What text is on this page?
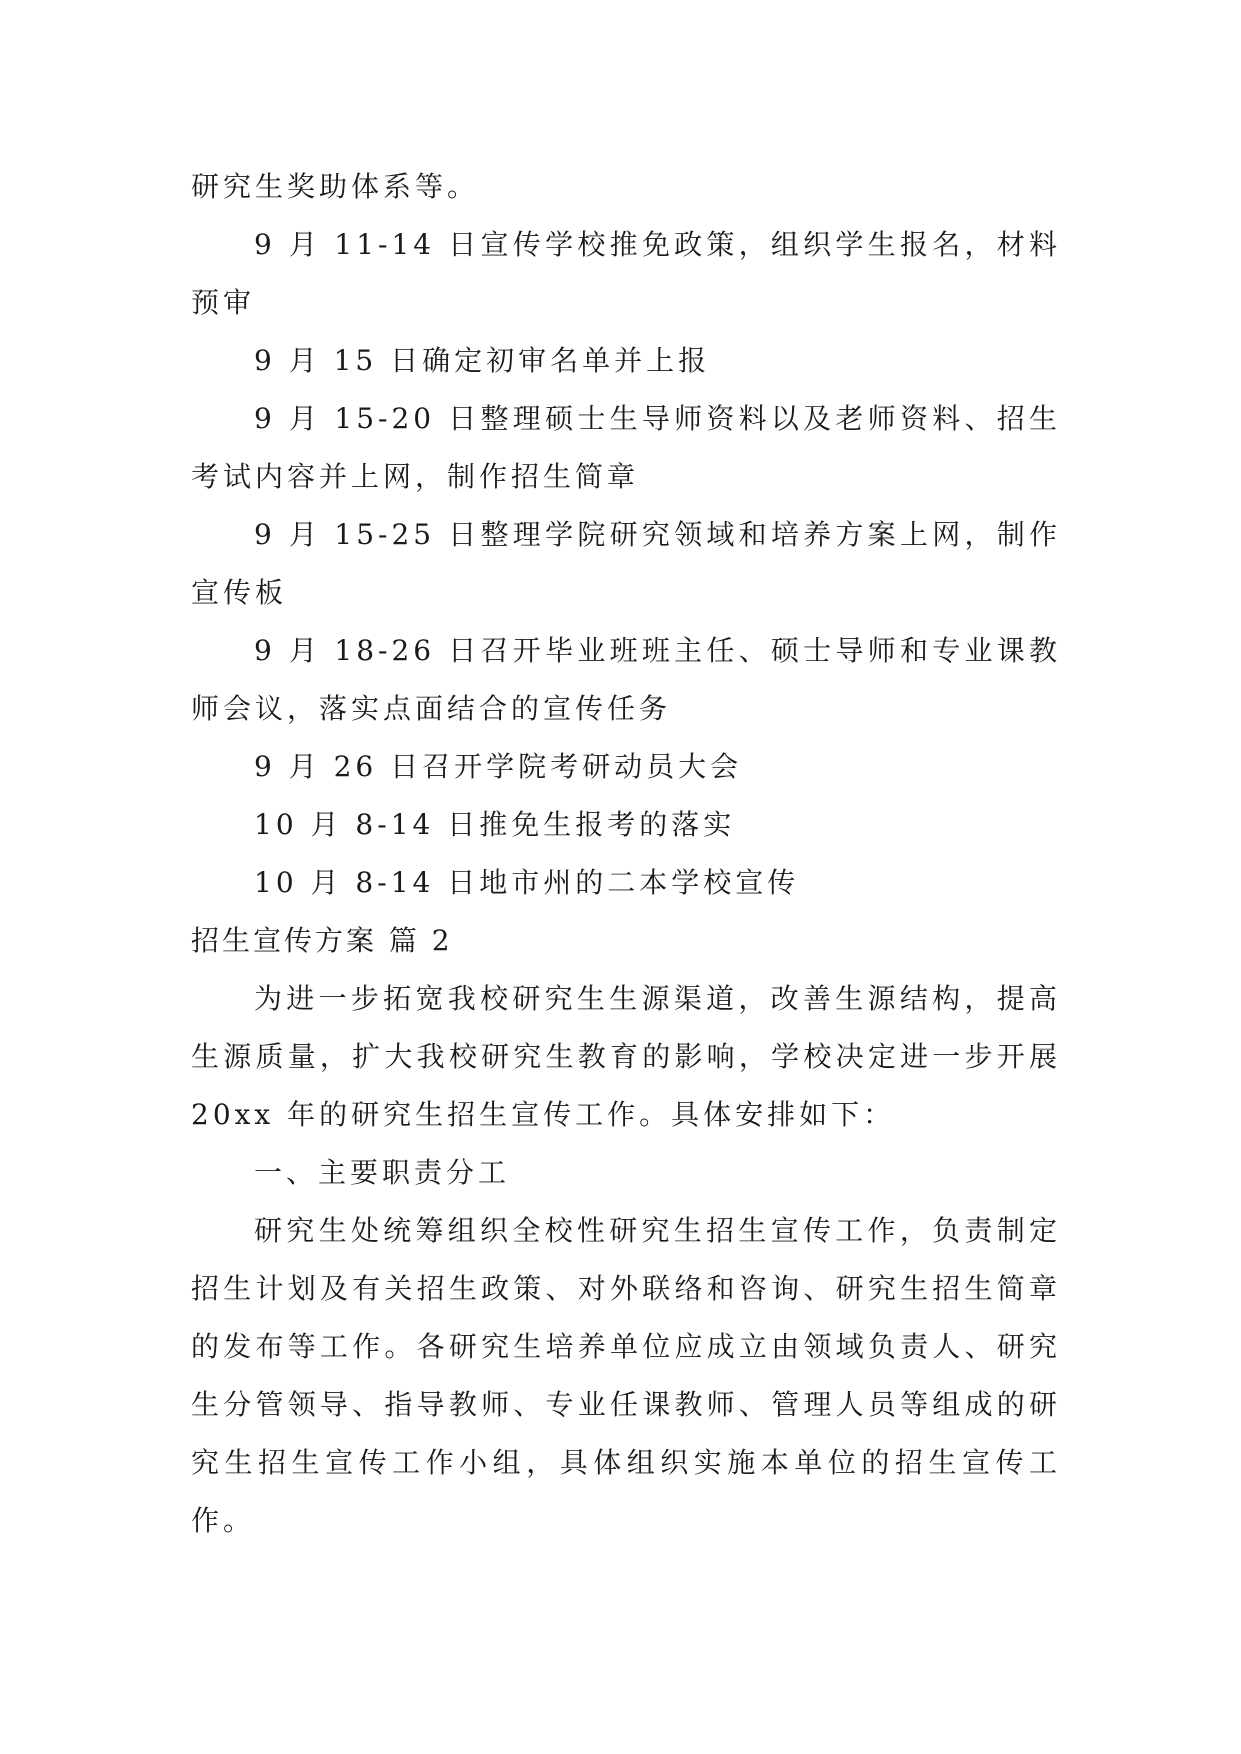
研究生奖助体系等。

9 月 11-14 日宣传学校推免政策，组织学生报名，材料预审

9 月 15 日确定初审名单并上报

9 月 15-20 日整理硕士生导师资料以及老师资料、招生考试内容并上网，制作招生简章

9 月 15-25 日整理学院研究领域和培养方案上网，制作宣传板

9 月 18-26 日召开毕业班班主任、硕士导师和专业课教师会议，落实点面结合的宣传任务

9 月 26 日召开学院考研动员大会

10 月 8-14 日推免生报考的落实

10 月 8-14 日地市州的二本学校宣传

招生宣传方案 篇 2

为进一步拓宽我校研究生生源渠道，改善生源结构，提高生源质量，扩大我校研究生教育的影响，学校决定进一步开展 20xx 年的研究生招生宣传工作。具体安排如下：

一、主要职责分工

研究生处统筹组织全校性研究生招生宣传工作，负责制定招生计划及有关招生政策、对外联络和咨询、研究生招生简章的发布等工作。各研究生培养单位应成立由领域负责人、研究生分管领导、指导教师、专业任课教师、管理人员等组成的研究生招生宣传工作小组，具体组织实施本单位的招生宣传工作。
